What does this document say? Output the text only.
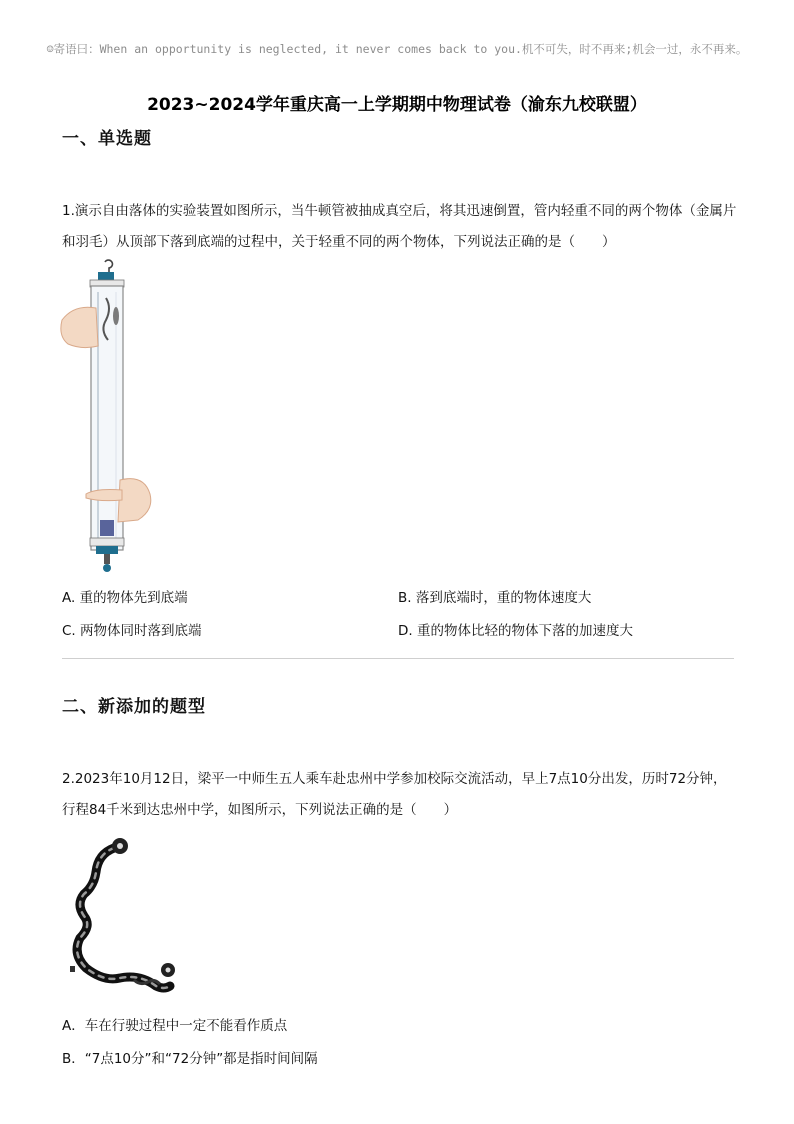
☺寄语曰：When an opportunity is neglected, it never comes back to you.机不可失，时不再来;机会一过，永不再来。
2023~2024学年重庆高一上学期期中物理试卷（渝东九校联盟）
一、单选题
1.演示自由落体的实验装置如图所示，当牛顿管被抽成真空后，将其迅速倒置，管内轻重不同的两个物体（金属片和羽毛）从顶部下落到底端的过程中，关于轻重不同的两个物体，下列说法正确的是（　　）
A. 重的物体先到底端	B. 落到底端时，重的物体速度大
C. 两物体同时落到底端	D. 重的物体比轻的物体下落的加速度大
二、新添加的题型
2.2023年10月12日，梁平一中师生五人乘车赴忠州中学参加校际交流活动，早上7点10分出发，历时72分钟，行程84千米到达忠州中学，如图所示，下列说法正确的是（　　）
A．车在行驶过程中一定不能看作质点
B．“7点10分”和“72分钟”都是指时间间隔
